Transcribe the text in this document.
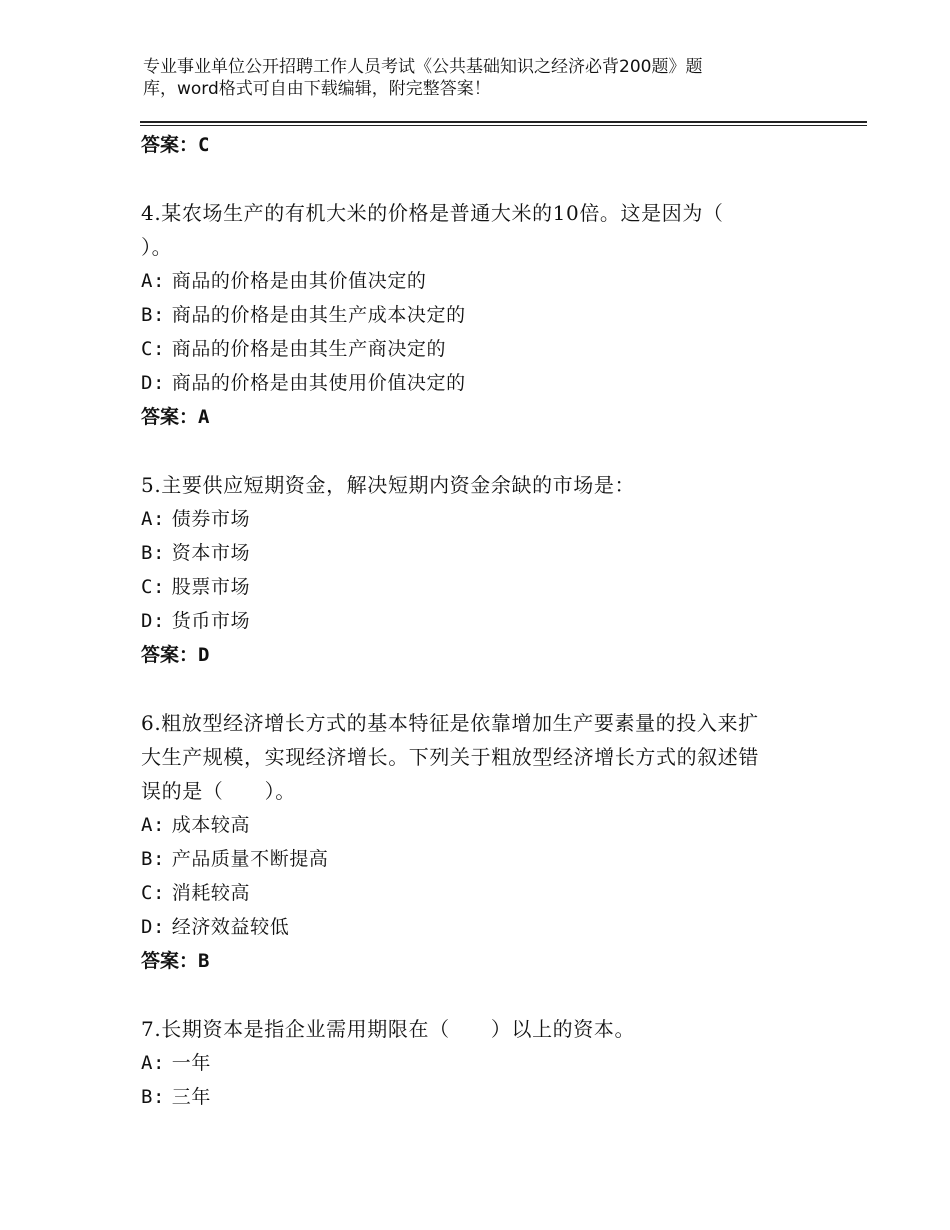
专业事业单位公开招聘工作人员考试《公共基础知识之经济必背200题》题
库，word格式可自由下载编辑，附完整答案！
答案：C
4.某农场生产的有机大米的价格是普通大米的10倍。这是因为（
）。
A: 商品的价格是由其价值决定的
B: 商品的价格是由其生产成本决定的
C: 商品的价格是由其生产商决定的
D: 商品的价格是由其使用价值决定的
答案：A
5.主要供应短期资金，解决短期内资金余缺的市场是：
A: 债券市场
B: 资本市场
C: 股票市场
D: 货币市场
答案：D
6.粗放型经济增长方式的基本特征是依靠增加生产要素量的投入来扩
大生产规模，实现经济增长。下列关于粗放型经济增长方式的叙述错
误的是（　　）。
A: 成本较高
B: 产品质量不断提高
C: 消耗较高
D: 经济效益较低
答案：B
7.长期资本是指企业需用期限在（　　）以上的资本。
A: 一年
B: 三年
